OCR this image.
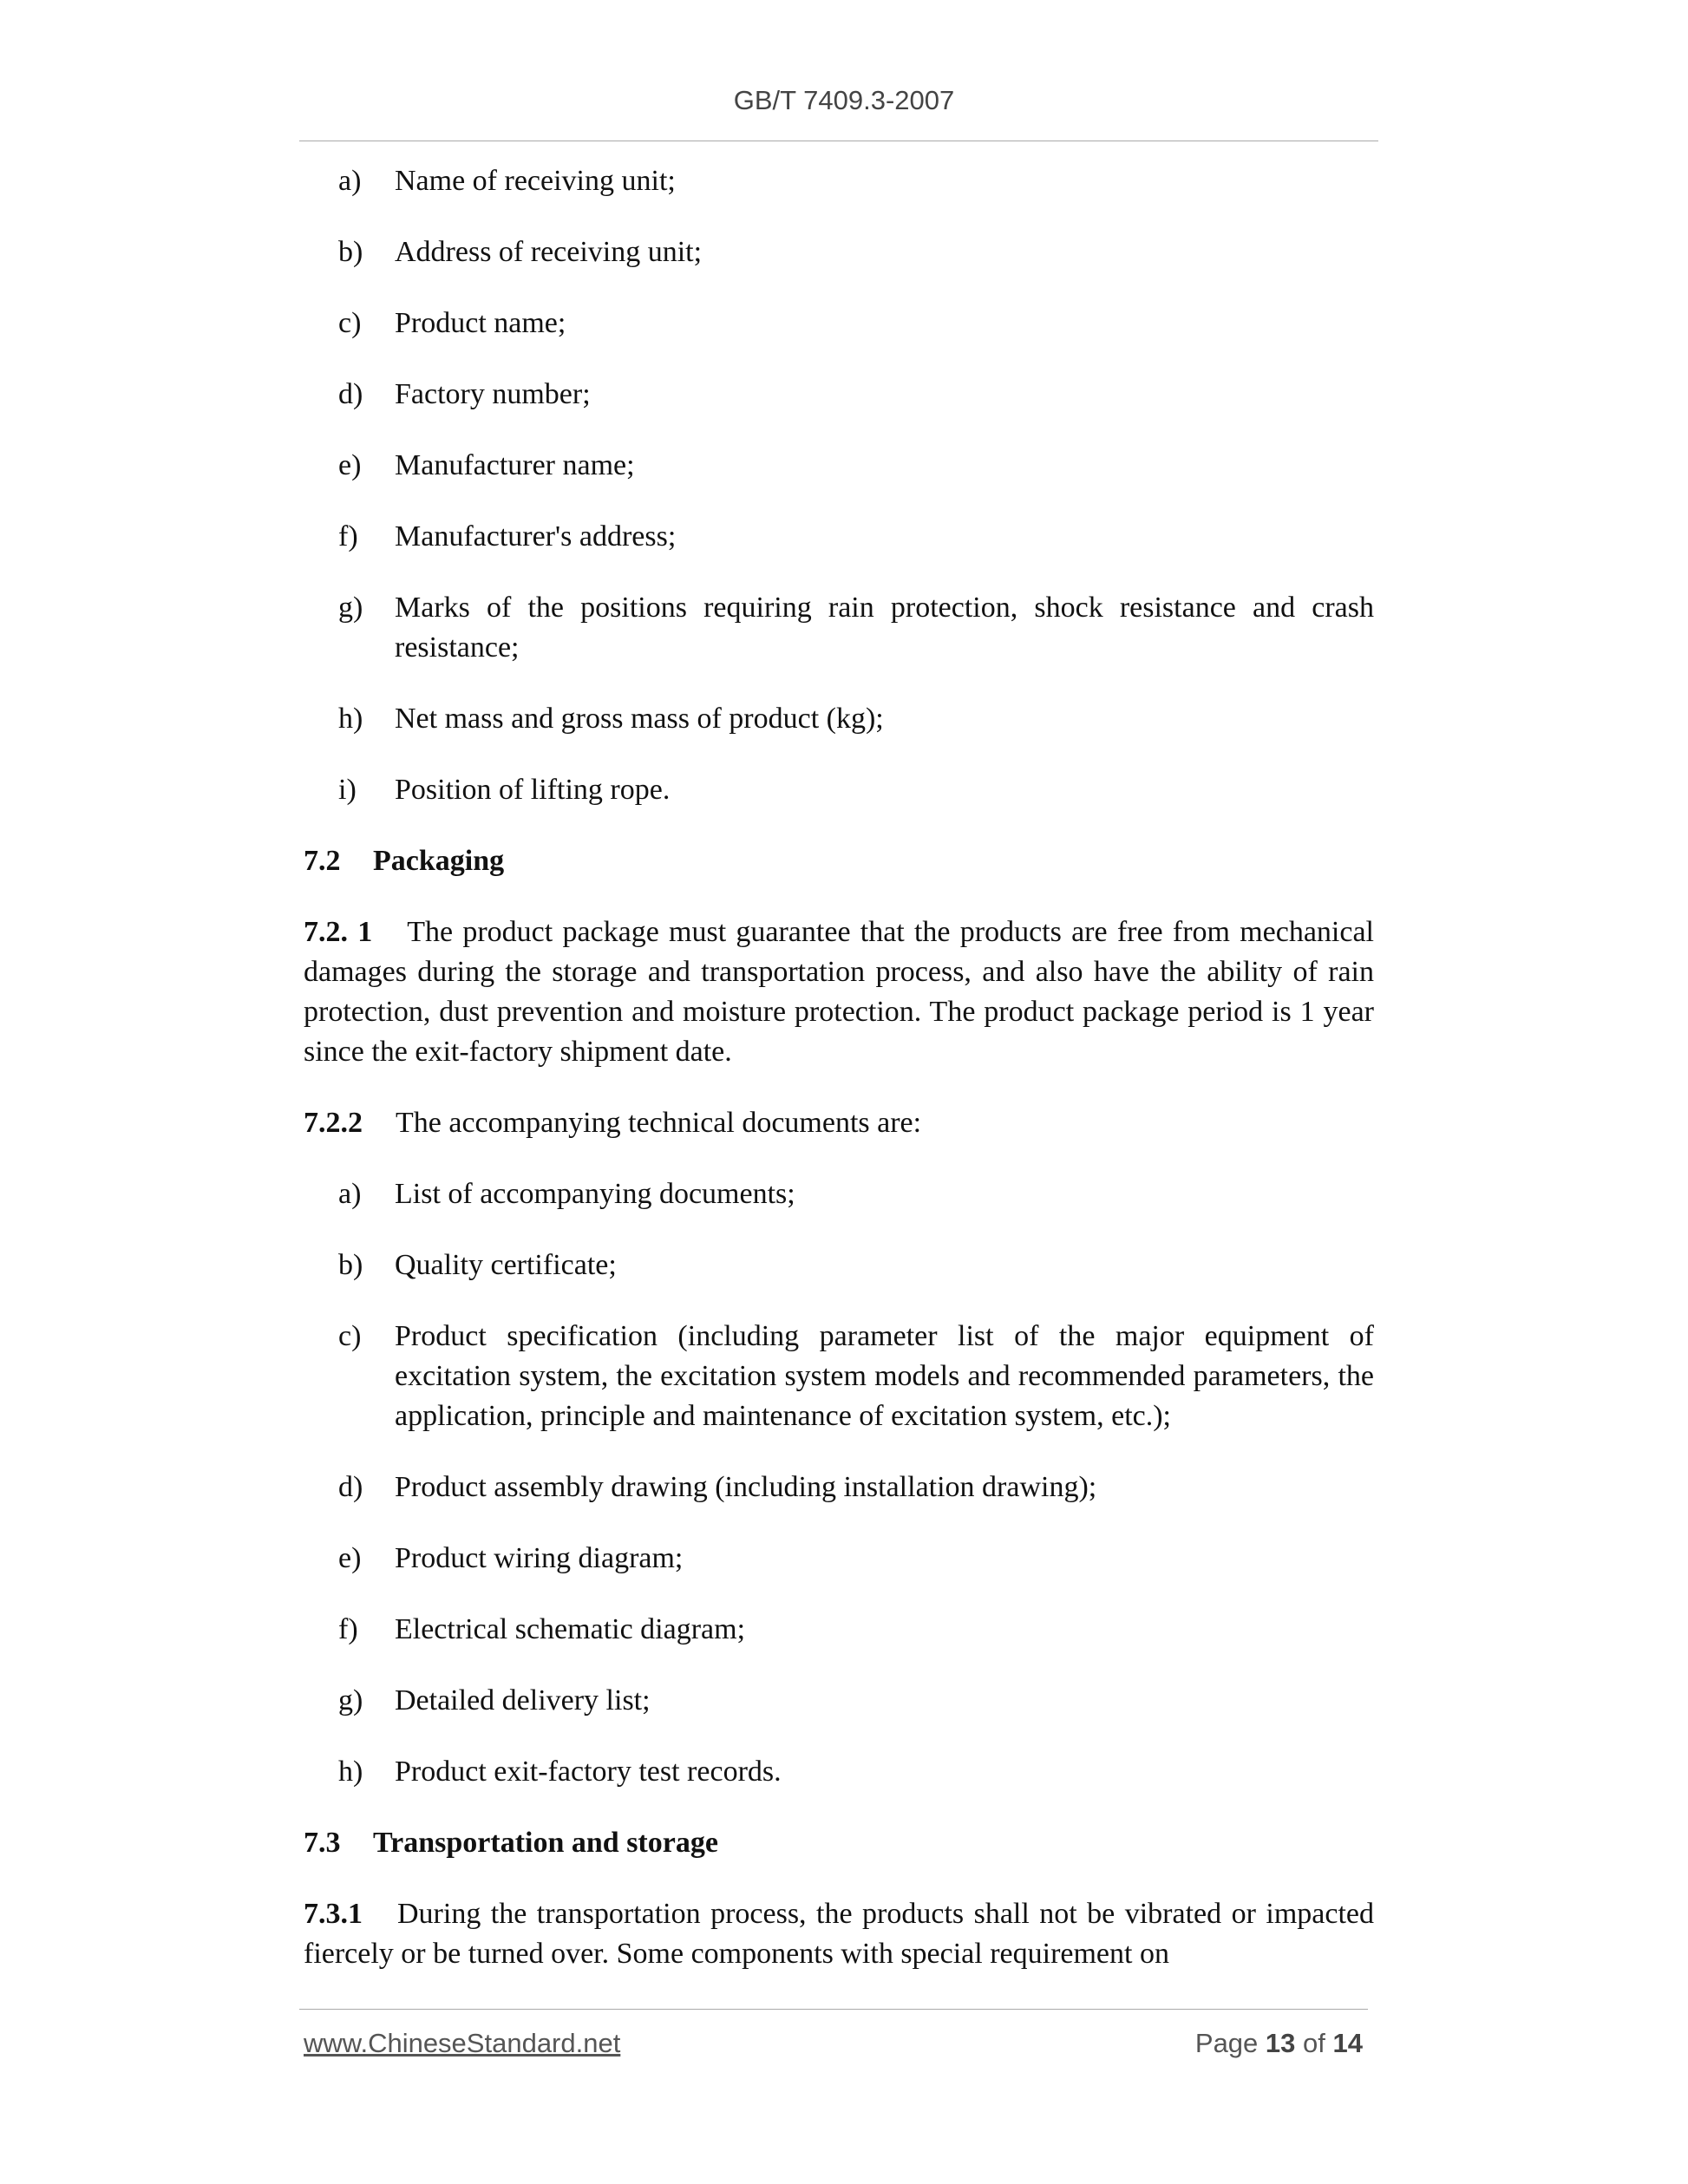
GB/T 7409.3-2007
a) Name of receiving unit;
b) Address of receiving unit;
c) Product name;
d) Factory number;
e) Manufacturer name;
f) Manufacturer's address;
g) Marks of the positions requiring rain protection, shock resistance and crash resistance;
h) Net mass and gross mass of product (kg);
i) Position of lifting rope.
7.2 Packaging
7.2. 1 The product package must guarantee that the products are free from mechanical damages during the storage and transportation process, and also have the ability of rain protection, dust prevention and moisture protection. The product package period is 1 year since the exit-factory shipment date.
7.2.2 The accompanying technical documents are:
a) List of accompanying documents;
b) Quality certificate;
c) Product specification (including parameter list of the major equipment of excitation system, the excitation system models and recommended parameters, the application, principle and maintenance of excitation system, etc.);
d) Product assembly drawing (including installation drawing);
e) Product wiring diagram;
f) Electrical schematic diagram;
g) Detailed delivery list;
h) Product exit-factory test records.
7.3 Transportation and storage
7.3.1 During the transportation process, the products shall not be vibrated or impacted fiercely or be turned over. Some components with special requirement on
www.ChineseStandard.net	Page 13 of 14
